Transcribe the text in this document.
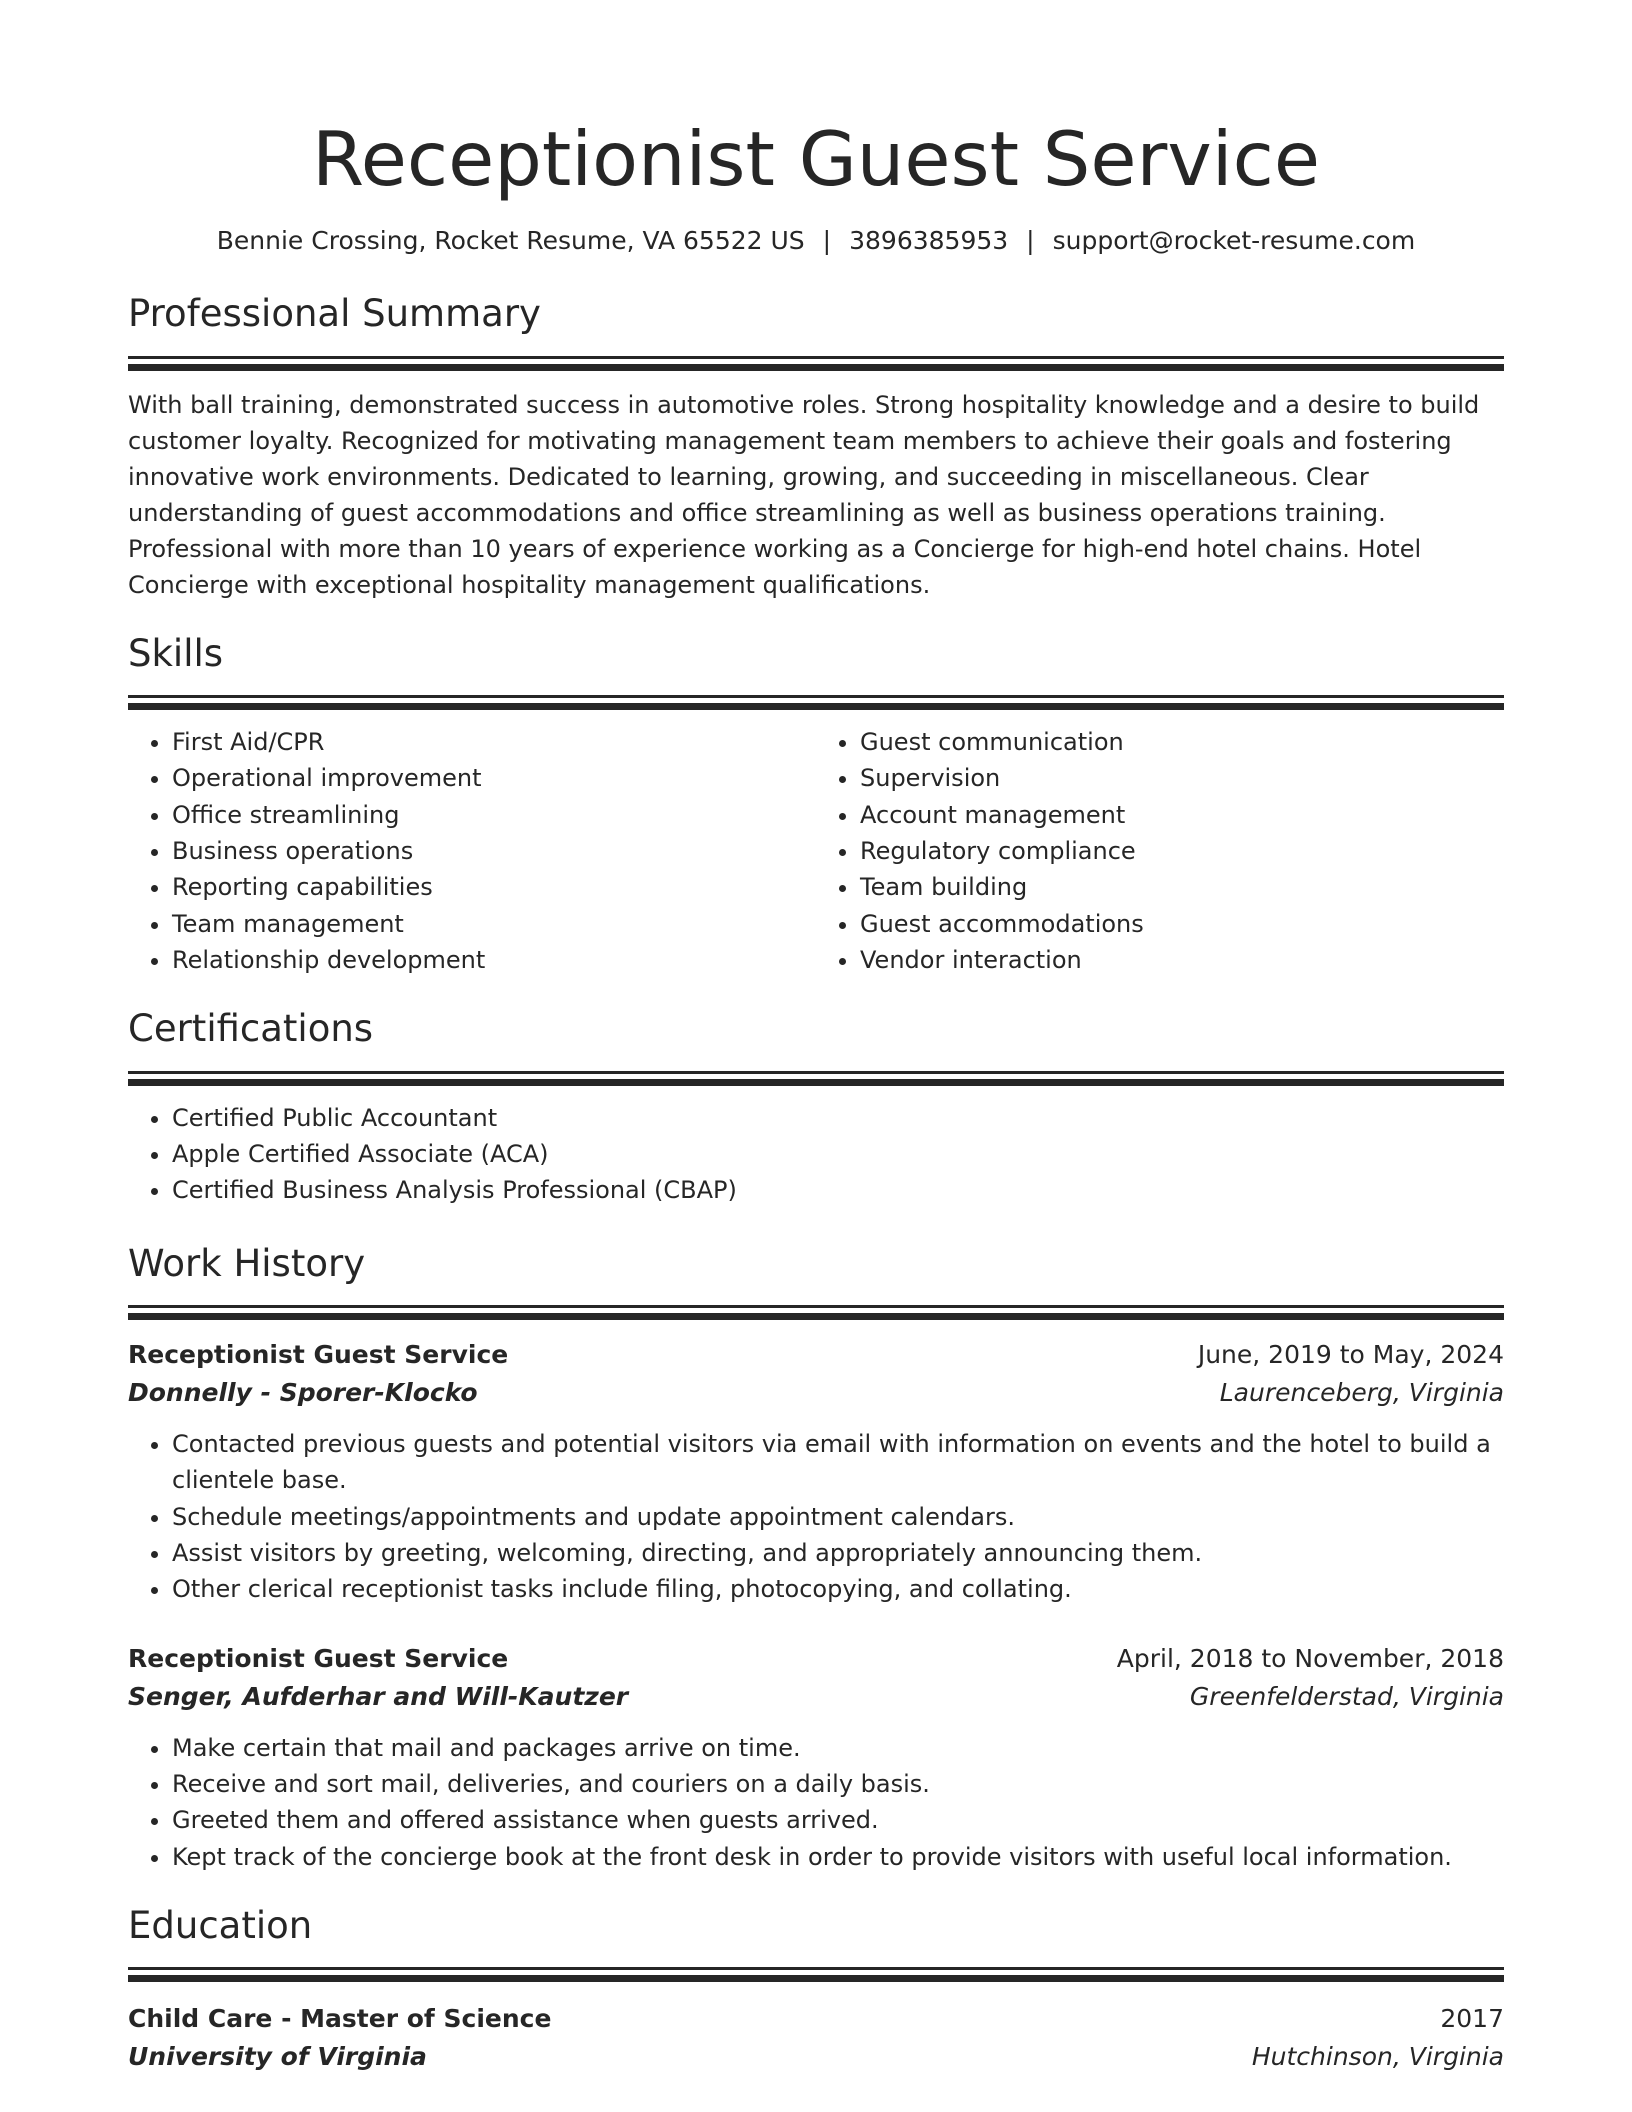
Receptionist Guest Service
Bennie Crossing, Rocket Resume, VA 65522 US | 3896385953 | support@rocket-resume.com
Professional Summary

With ball training, demonstrated success in automotive roles. Strong hospitality knowledge and a desire to build customer loyalty. Recognized for motivating management team members to achieve their goals and fostering innovative work environments. Dedicated to learning, growing, and succeeding in miscellaneous. Clear understanding of guest accommodations and office streamlining as well as business operations training. Professional with more than 10 years of experience working as a Concierge for high-end hotel chains. Hotel Concierge with exceptional hospitality management qualifications.

Skills
• First Aid/CPR
• Operational improvement
• Office streamlining
• Business operations
• Reporting capabilities
• Team management
• Relationship development
• Guest communication
• Supervision
• Account management
• Regulatory compliance
• Team building
• Guest accommodations
• Vendor interaction
Certifications
• Certified Public Accountant
• Apple Certified Associate (ACA)
• Certified Business Analysis Professional (CBAP)
Work History
Receptionist Guest Service	June, 2019 to May, 2024
Donnelly - Sporer-Klocko	Laurenceberg, Virginia
• Contacted previous guests and potential visitors via email with information on events and the hotel to build a clientele base.
• Schedule meetings/appointments and update appointment calendars.
• Assist visitors by greeting, welcoming, directing, and appropriately announcing them.
• Other clerical receptionist tasks include filing, photocopying, and collating.
Receptionist Guest Service	April, 2018 to November, 2018
Senger, Aufderhar and Will-Kautzer	Greenfelderstad, Virginia
• Make certain that mail and packages arrive on time.
• Receive and sort mail, deliveries, and couriers on a daily basis.
• Greeted them and offered assistance when guests arrived.
• Kept track of the concierge book at the front desk in order to provide visitors with useful local information.
Education
Child Care - Master of Science	2017
University of Virginia	Hutchinson, Virginia
